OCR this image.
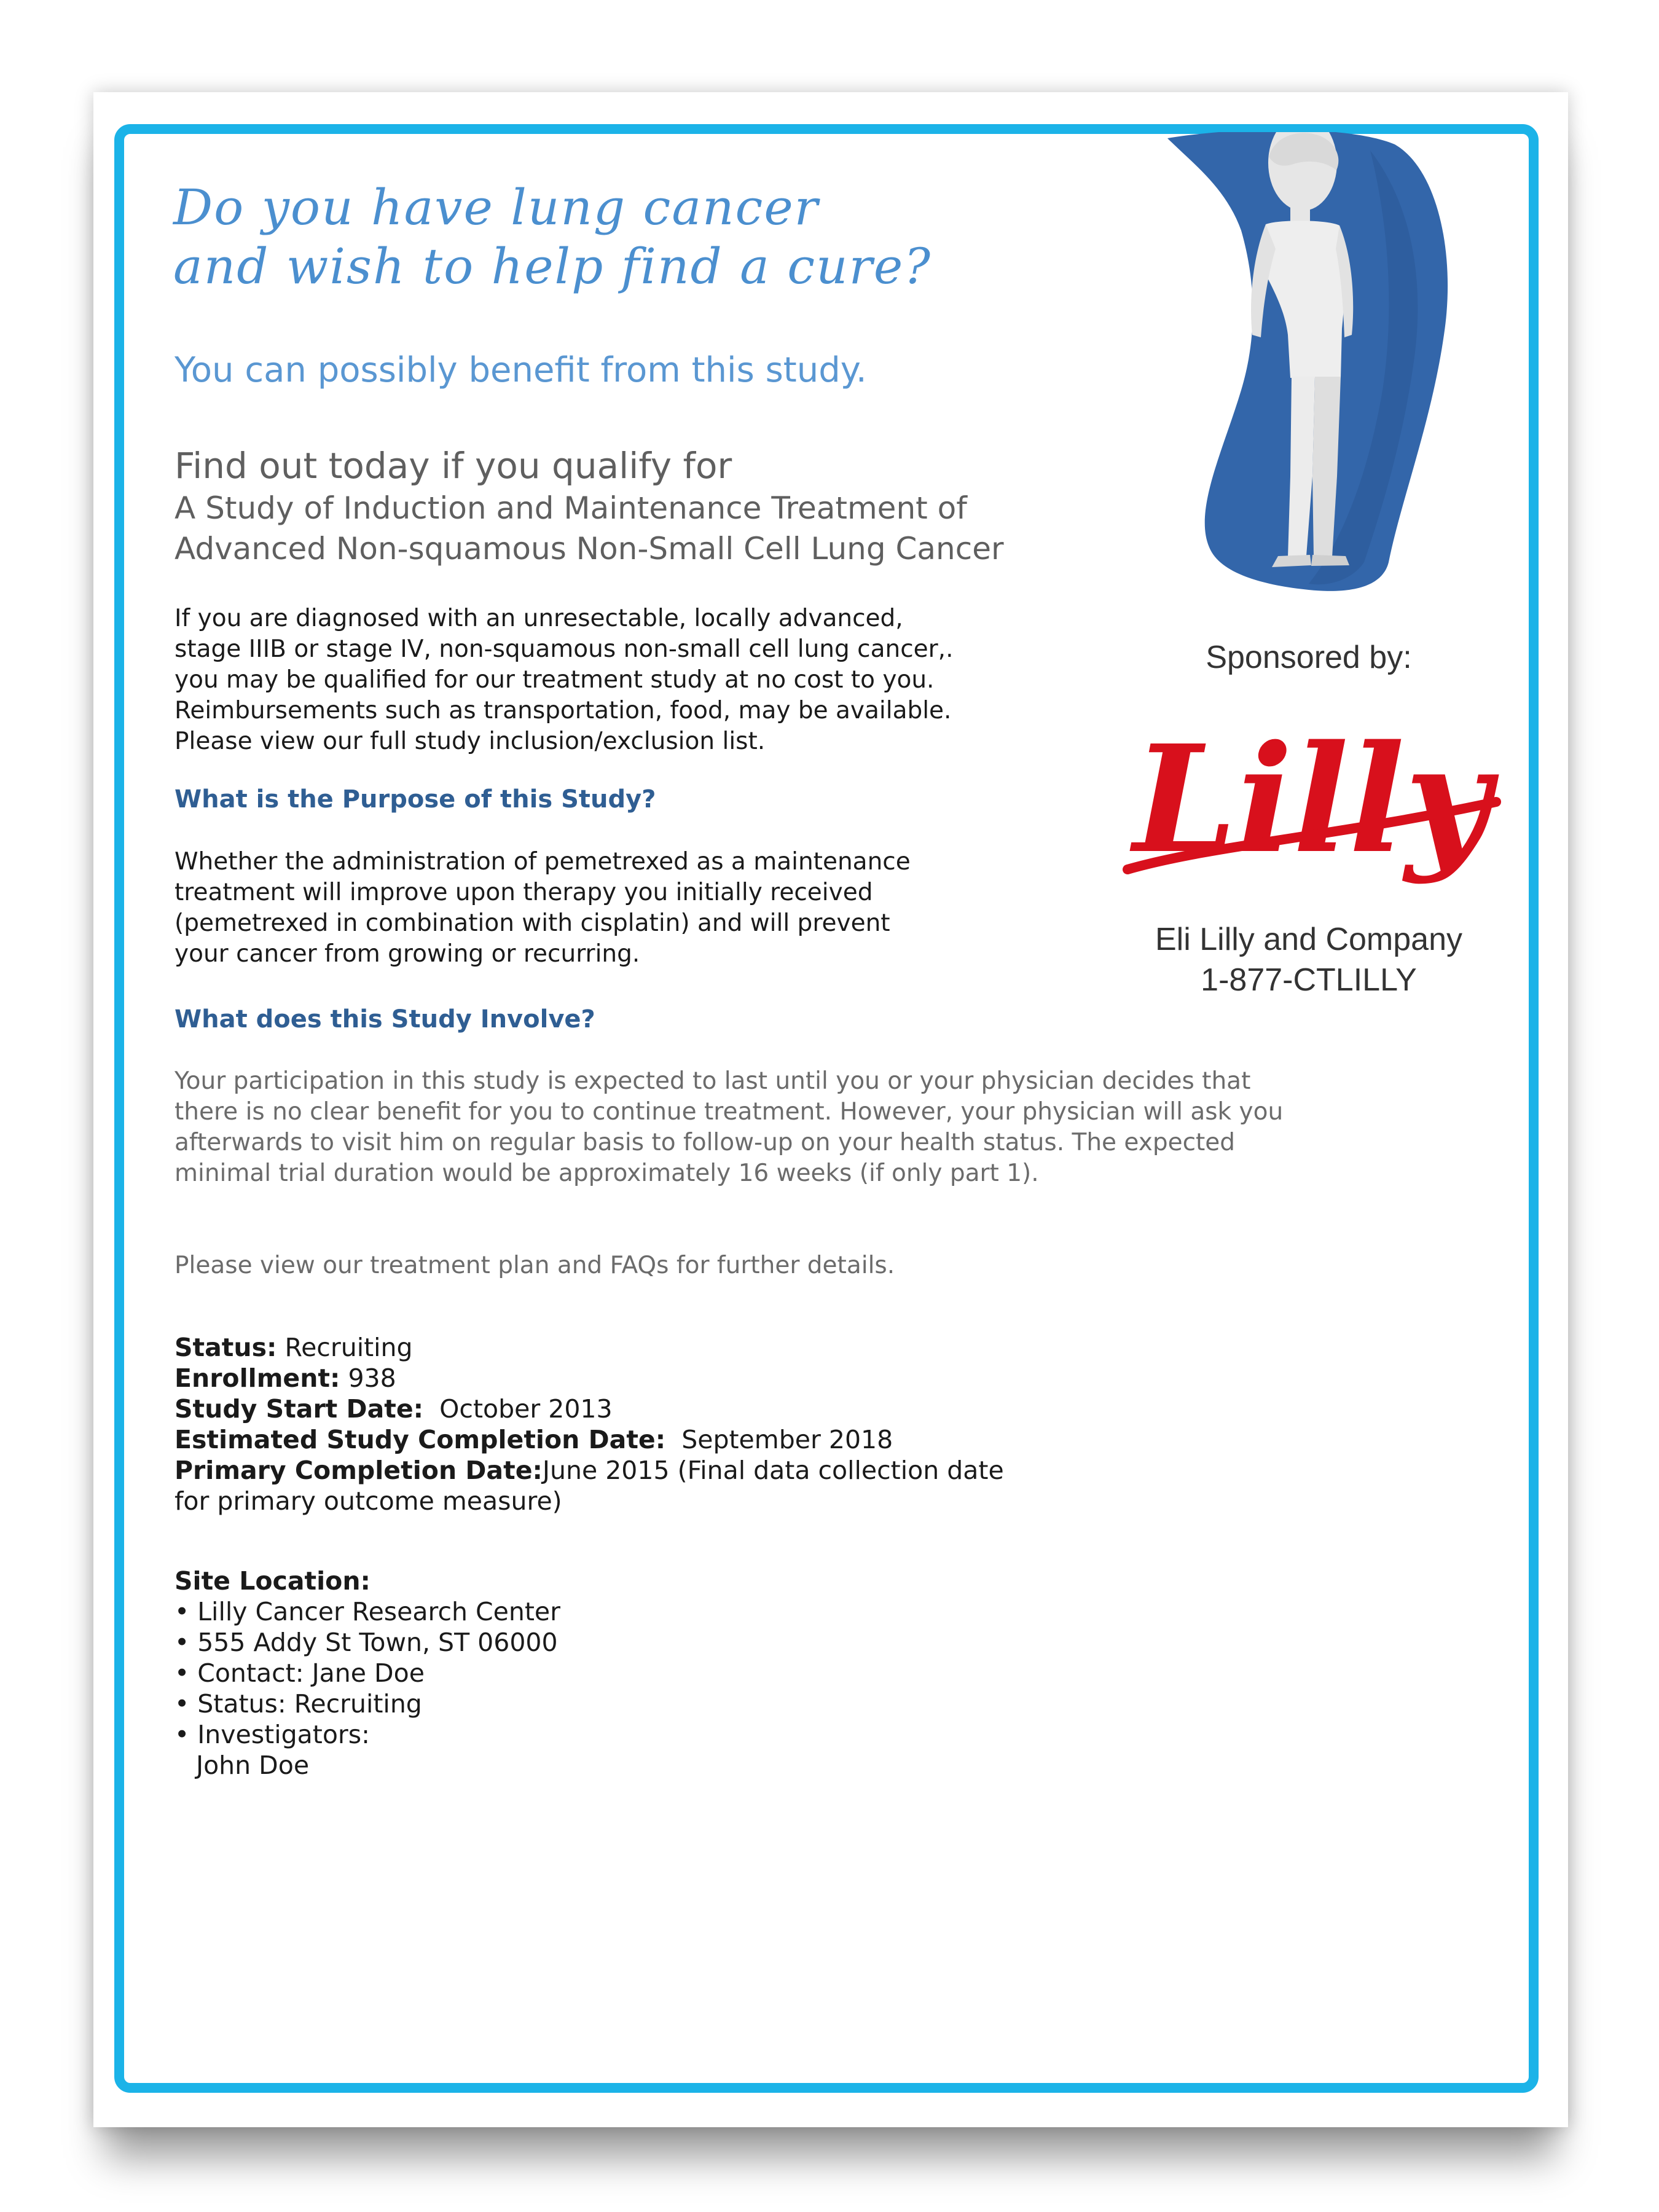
Do you have lung cancer
and wish to help find a cure?
You can possibly benefit from this study.
Find out today if you qualify for
A Study of Induction and Maintenance Treatment of
Advanced Non-squamous Non-Small Cell Lung Cancer
If you are diagnosed with an unresectable, locally advanced,
stage IIIB or stage IV, non-squamous non-small cell lung cancer,.
you may be qualified for our treatment study at no cost to you.
Reimbursements such as transportation, food, may be available.
Please view our full study inclusion/exclusion list.
What is the Purpose of this Study?
Whether the administration of pemetrexed as a maintenance
treatment will improve upon therapy you initially received
(pemetrexed in combination with cisplatin) and will prevent
your cancer from growing or recurring.
What does this Study Involve?
Your participation in this study is expected to last until you or your physician decides that
there is no clear benefit for you to continue treatment. However, your physician will ask you
afterwards to visit him on regular basis to follow-up on your health status. The expected
minimal trial duration would be approximately 16 weeks (if only part 1).
Please view our treatment plan and FAQs for further details.
Status: Recruiting
Enrollment: 938
Study Start Date: October 2013
Estimated Study Completion Date: September 2018
Primary Completion Date:June 2015 (Final data collection date
for primary outcome measure)
Site Location:
• Lilly Cancer Research Center
• 555 Addy St Town, ST 06000
• Contact: Jane Doe
• Status: Recruiting
• Investigators:
John Doe
Sponsored by:
Lilly
Eli Lilly and Company
1-877-CTLILLY
